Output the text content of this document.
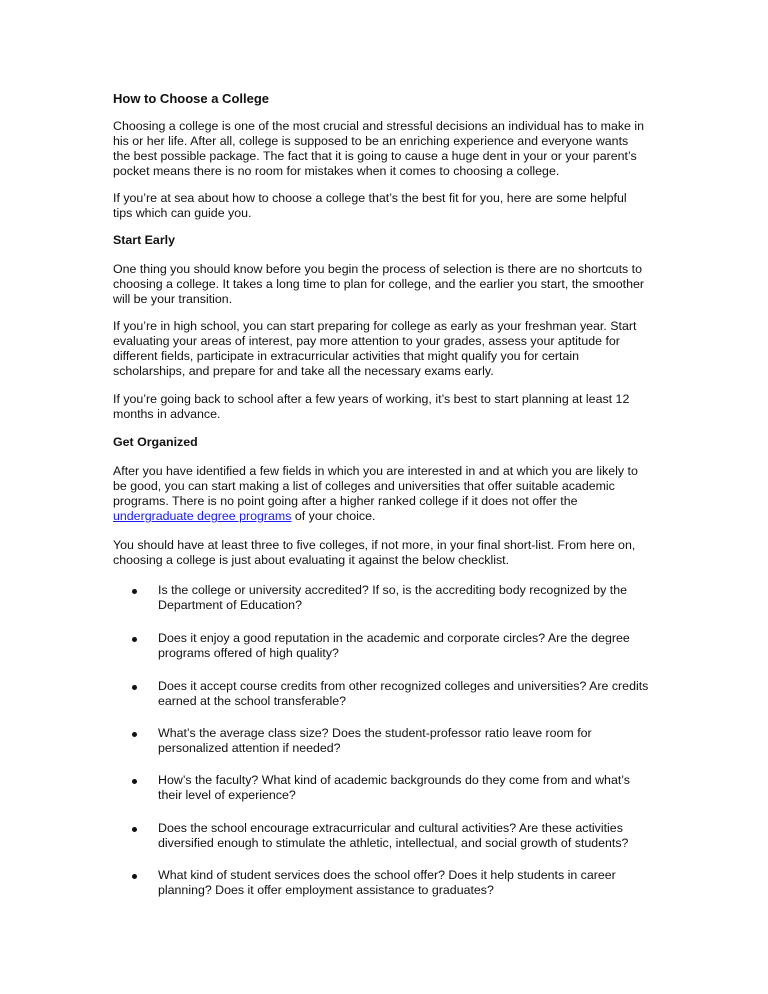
How to Choose a College
Choosing a college is one of the most crucial and stressful decisions an individual has to make in
his or her life. After all, college is supposed to be an enriching experience and everyone wants
the best possible package. The fact that it is going to cause a huge dent in your or your parent’s
pocket means there is no room for mistakes when it comes to choosing a college.
If you’re at sea about how to choose a college that’s the best fit for you, here are some helpful
tips which can guide you.
Start Early
One thing you should know before you begin the process of selection is there are no shortcuts to
choosing a college. It takes a long time to plan for college, and the earlier you start, the smoother
will be your transition.
If you’re in high school, you can start preparing for college as early as your freshman year. Start
evaluating your areas of interest, pay more attention to your grades, assess your aptitude for
different fields, participate in extracurricular activities that might qualify you for certain
scholarships, and prepare for and take all the necessary exams early.
If you’re going back to school after a few years of working, it’s best to start planning at least 12
months in advance.
Get Organized
After you have identified a few fields in which you are interested in and at which you are likely to
be good, you can start making a list of colleges and universities that offer suitable academic
programs. There is no point going after a higher ranked college if it does not offer the
undergraduate degree programs of your choice.
You should have at least three to five colleges, if not more, in your final short-list. From here on,
choosing a college is just about evaluating it against the below checklist.
Is the college or university accredited? If so, is the accrediting body recognized by the
Department of Education?
Does it enjoy a good reputation in the academic and corporate circles? Are the degree
programs offered of high quality?
Does it accept course credits from other recognized colleges and universities? Are credits
earned at the school transferable?
What’s the average class size? Does the student-professor ratio leave room for
personalized attention if needed?
How’s the faculty? What kind of academic backgrounds do they come from and what’s
their level of experience?
Does the school encourage extracurricular and cultural activities? Are these activities
diversified enough to stimulate the athletic, intellectual, and social growth of students?
What kind of student services does the school offer? Does it help students in career
planning? Does it offer employment assistance to graduates?
